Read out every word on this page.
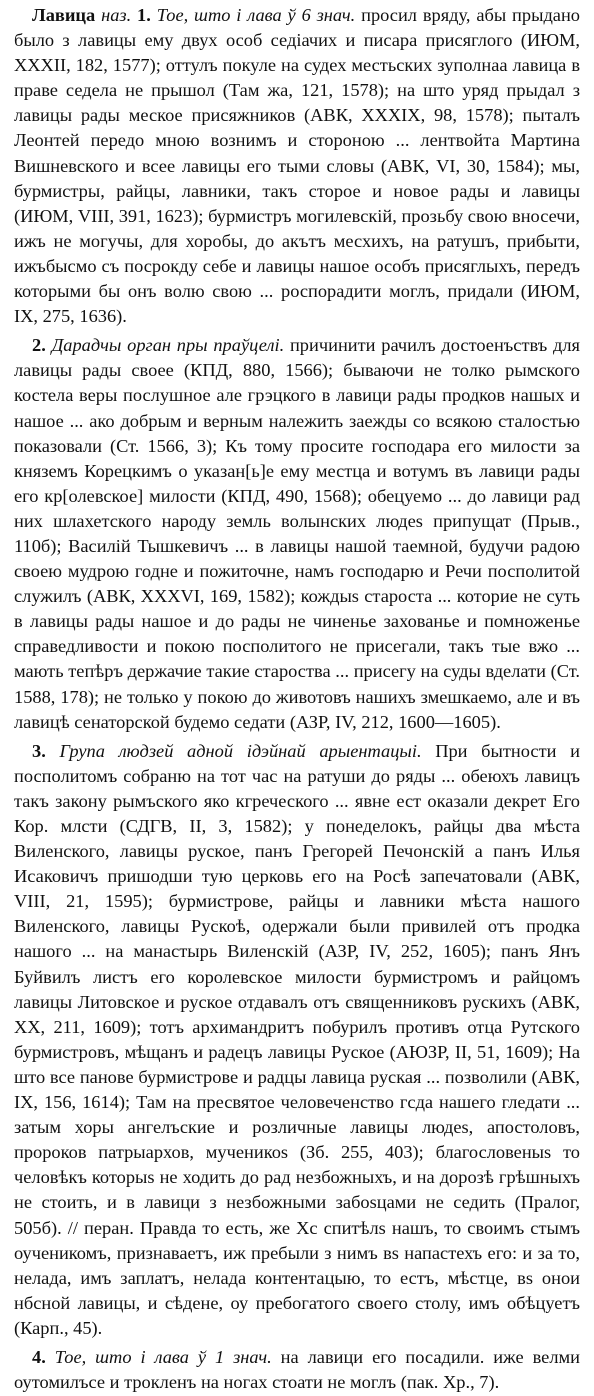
Лавица наз. 1. Тое, што і лава ў 6 знач. просил вряду, абы прыдано было з лавицы ему двух особ седіачих и писара присяглого (ИЮМ, XXXII, 182, 1577); оттулъ покуле на судех местьских зуполнаа лавица в праве седела не прышол (Там жа, 121, 1578); на што уряд прыдал з лавицы рады меское присяжников (АВК, XXXIX, 98, 1578); пыталъ Леонтей передо мною вознимъ и стороною ... лентвойта Мартина Вишневского и всее лавицы его тыми словы (АВК, VI, 30, 1584); мы, бурмистры, райцы, лавники, такъ сторое и новое рады и лавицы (ИЮМ, VIII, 391, 1623); бурмистръ могилевскій, прозьбу свою вносечи, ижъ не могучы, для хоробы, до акътъ месхихъ, на ратушъ, прибыти, ижъбысмо съ посрокду себе и лавицы нашое особъ присяглыхъ, передъ которыми бы онъ волю свою ... роспорадити моглъ, придали (ИЮМ, IX, 275, 1636).

2. Дарадчы орган пры праўцелі. причинити рачилъ достоенъствъ для лавицы рады своее (КПД, 880, 1566); бываючи не толко рымского костела веры послушное але грэцкого в лавици рады продков нашых и нашое ... ако добрым и верным належить заежды со всякою сталостью показовали (Ст. 1566, 3); Къ тому просите господара его милости за княземъ Корецкимъ о указан[ь]е ему местца и вотумъ въ лавици рады его кр[олевское] милости (КПД, 490, 1568); обецуемо ... до лавици рад ниx шлахетского народу земль волынских людеѕ припущат (Прыв., 110б); Василій Тышкевичъ ... в лавицы нашой таемной, будучи радою своею мудрою годне и пожиточне, намъ господарю и Речи посполитой служилъ (АВК, XXXVI, 169, 1582); кождыѕ староста ... которие не суть в лавицы рады нашое и до рады не чиненье захованье и помноженье справедливости и покою посполитого не присегали, такъ тые вжо ... мають тепѣръ держачие такие староства ... присегу на суды вделати (Ст. 1588, 178); не только у покою до животовъ нашихъ змешкаемо, але и въ лавицѣ сенаторской будемо седати (АЗР, IV, 212, 1600—1605).

3. Група людзей адной ідэйнай арыентацыі. При бытности и посполитомъ собраню на тот час на ратуши до ряды ... обеюхъ лавицъ такъ закону рымъского яко кгреческого ... явне ест оказали декрет Его Кор. млсти (СДГВ, II, 3, 1582); у понеделокъ, райцы два мѣста Виленского, лавицы руское, панъ Грегорей Печонскій а панъ Илья Исаковичъ пришодши тую церковь его на Росѣ запечатовали (АВК, VIII, 21, 1595); бурмистрове, райцы и лавники мѣста нашого Виленского, лавицы Рускоѣ, одержали были привилей отъ продка нашого ... на манастырь Виленскій (АЗР, IV, 252, 1605); панъ Янъ Буйвилъ листъ его королевское милости бурмистромъ и райцомъ лавицы Литовское и руское отдавалъ отъ священниковъ рускихъ (АВК, XX, 211, 1609); тотъ архимандритъ побурилъ противъ отца Рутского бурмистровъ, мѣщанъ и радецъ лавицы Руское (АЮЗР, II, 51, 1609); На што все панове бурмистрове и радцы лавица руская ... позволили (АВК, IX, 156, 1614); Там на пресвятое человеченство гсда нашего гледати ... затым хоры ангелъские и розличные лавицы людеѕ, апостоловъ, пророков патрыархов, мученикоѕ (Зб. 255, 403); благословеныѕ то человѣкъ которыѕ не ходить до рад незбожныхъ, и на дорозѣ грѣшныхъ не стоить, и в лавици з незбожными забоѕцами не седить (Пралог, 505б). // перан. Правда то есть, же Хс спитѣлѕ нашъ, то своимъ стымъ оученикомъ, признаваетъ, иж пребыли з нимъ вѕ напастехъ его: и за то, нелада, имъ заплатъ, нелада контентацыю, то естъ, мѣстце, вѕ онои нбсной лавицы, и сѣдене, оу пребогатого своего столу, имъ обѣцуетъ (Карп., 45).

4. Тое, што і лава ў 1 знач. на лавици его посадили. иже велми оутомилъсе и трокленъ на ногах стоати не моглъ (пак. Хр., 7).
